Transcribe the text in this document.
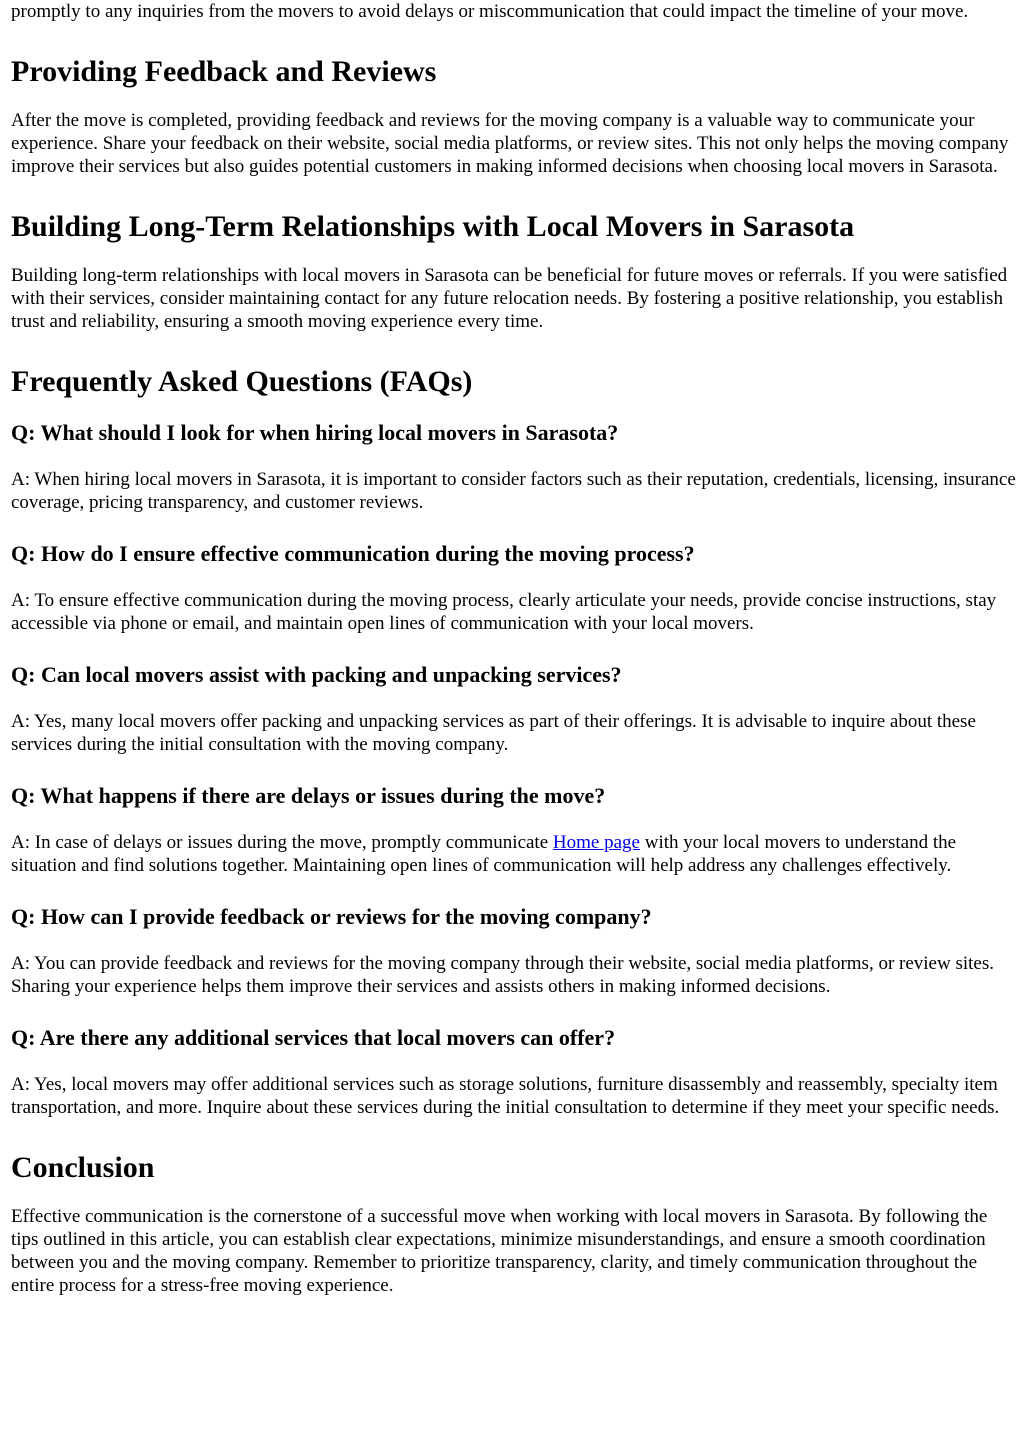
promptly to any inquiries from the movers to avoid delays or miscommunication that could impact the timeline of your move.

Providing Feedback and Reviews

After the move is completed, providing feedback and reviews for the moving company is a valuable way to communicate your experience. Share your feedback on their website, social media platforms, or review sites. This not only helps the moving company improve their services but also guides potential customers in making informed decisions when choosing local movers in Sarasota.

Building Long-Term Relationships with Local Movers in Sarasota

Building long-term relationships with local movers in Sarasota can be beneficial for future moves or referrals. If you were satisfied with their services, consider maintaining contact for any future relocation needs. By fostering a positive relationship, you establish trust and reliability, ensuring a smooth moving experience every time.

Frequently Asked Questions (FAQs)
Q: What should I look for when hiring local movers in Sarasota?

A: When hiring local movers in Sarasota, it is important to consider factors such as their reputation, credentials, licensing, insurance coverage, pricing transparency, and customer reviews.

Q: How do I ensure effective communication during the moving process?

A: To ensure effective communication during the moving process, clearly articulate your needs, provide concise instructions, stay accessible via phone or email, and maintain open lines of communication with your local movers.

Q: Can local movers assist with packing and unpacking services?

A: Yes, many local movers offer packing and unpacking services as part of their offerings. It is advisable to inquire about these services during the initial consultation with the moving company.

Q: What happens if there are delays or issues during the move?

A: In case of delays or issues during the move, promptly communicate Home page with your local movers to understand the situation and find solutions together. Maintaining open lines of communication will help address any challenges effectively.

Q: How can I provide feedback or reviews for the moving company?

A: You can provide feedback and reviews for the moving company through their website, social media platforms, or review sites. Sharing your experience helps them improve their services and assists others in making informed decisions.

Q: Are there any additional services that local movers can offer?

A: Yes, local movers may offer additional services such as storage solutions, furniture disassembly and reassembly, specialty item transportation, and more. Inquire about these services during the initial consultation to determine if they meet your specific needs.

Conclusion

Effective communication is the cornerstone of a successful move when working with local movers in Sarasota. By following the tips outlined in this article, you can establish clear expectations, minimize misunderstandings, and ensure a smooth coordination between you and the moving company. Remember to prioritize transparency, clarity, and timely communication throughout the entire process for a stress-free moving experience.
